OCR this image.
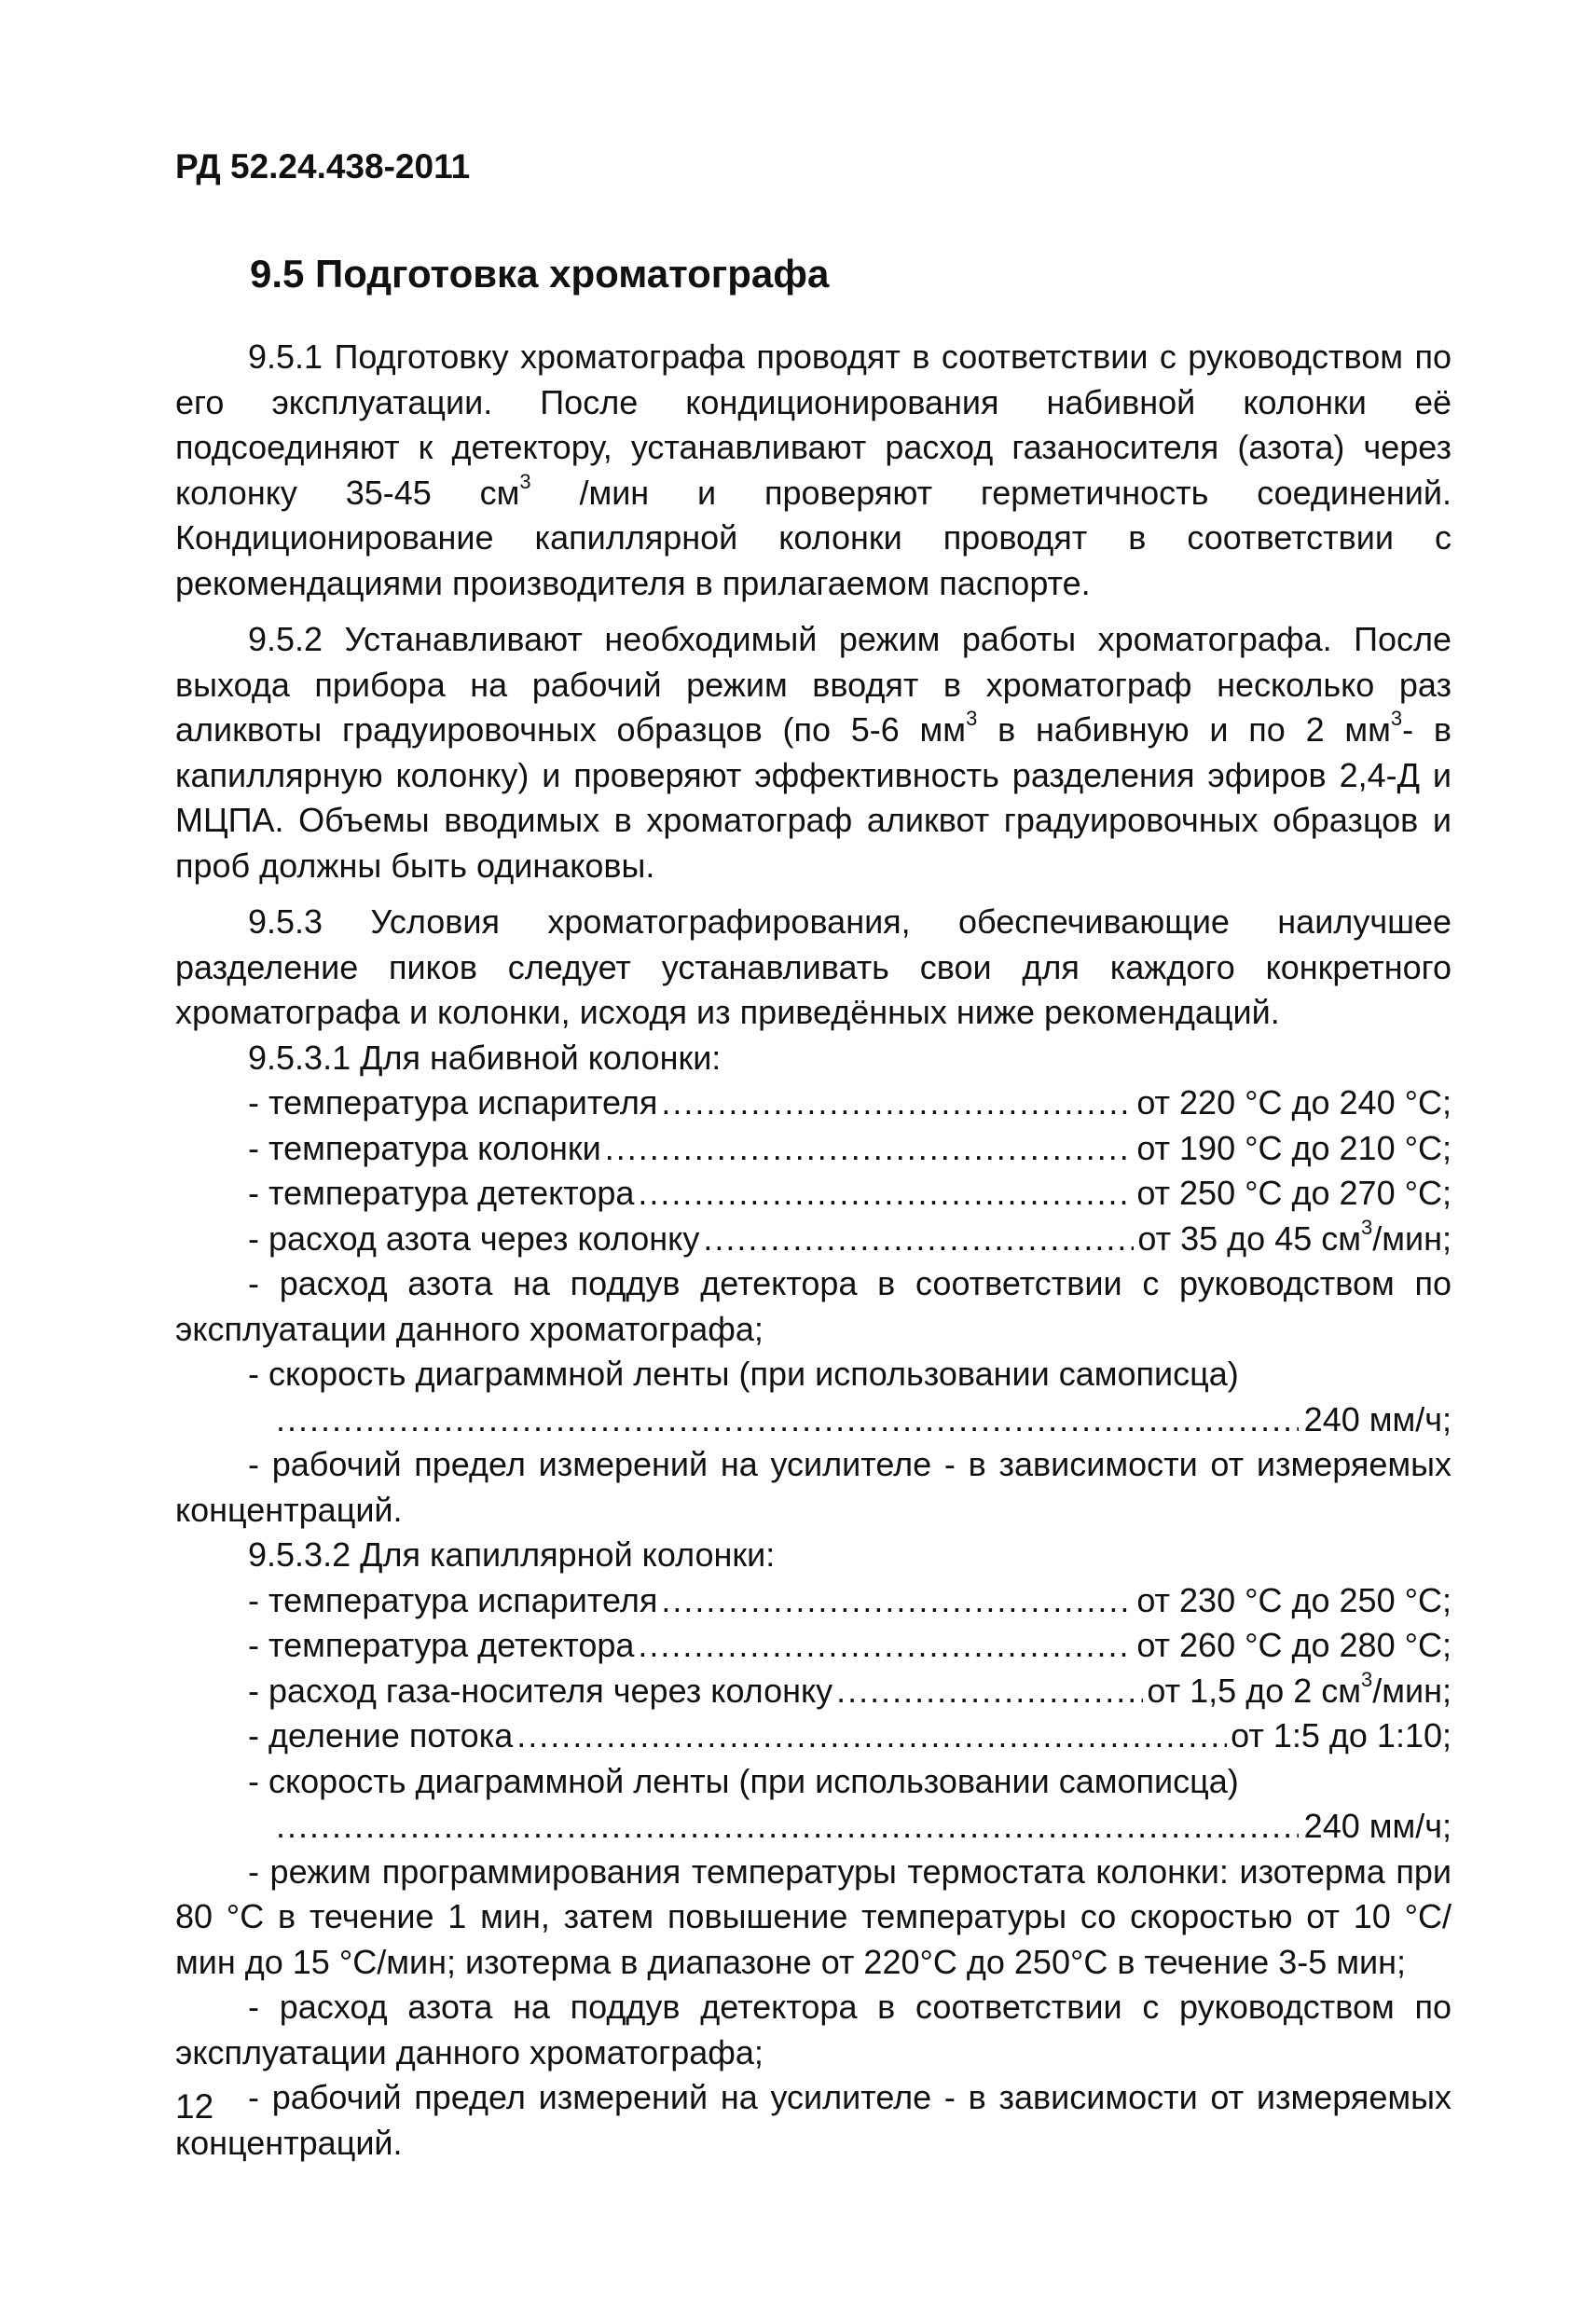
РД 52.24.438-2011
9.5 Подготовка хроматографа

9.5.1 Подготовку хроматографа проводят в соответствии с руководством по его эксплуатации. После кондиционирования набивной колонки её подсоединяют к детектору, устанавливают расход газаносителя (азота) через колонку 35-45 $см^3$ /мин и проверяют герметичность соединений. Кондиционирование капиллярной колонки проводят в соответствии с рекомендациями производителя в прилагаемом паспорте.

9.5.2 Устанавливают необходимый режим работы хроматографа. После выхода прибора на рабочий режим вводят в хроматограф несколько раз аликвоты градуировочных образцов (по 5-6 $мм^3$ в набивную и по 2 $мм^3-$ в капиллярную колонку) и проверяют эффективность разделения эфиров 2,4-Д и МЦПА. Объемы вводимых в хроматограф аликвот градуировочных образцов и проб должны быть одинаковы.

9.5.3 Условия хроматографирования, обеспечивающие наилучшее разделение пиков следует устанавливать свои для каждого конкретного хроматографа и колонки, исходя из приведённых ниже рекомендаций.

9.5.3.1 Для набивной колонки:

- температура испарителя .....	от 220 °С до 240 °С;
- температура колонки .....	от 190 °С до 210 °С;
- температура детектора .....	от 250 °С до 270 °С;
- расход азота через колонку .....	от 35 до 45 $см^3$/мин;

- расход азота на поддув детектора в соответствии с руководством по эксплуатации данного хроматографа;

- скорость диаграммной ленты (при использовании самописца)

.....
240 мм/ч;

- рабочий предел измерений на усилителе - в зависимости от измеряемых концентраций.

9.5.3.2 Для капиллярной колонки:

- температура испарителя .....	от 230 °С до 250 °С;
- температура детектора .....	от 260 °С до 280 °С;
- расход газа-носителя через колонку .....	от 1,5 до 2 $см^3$/мин;
- деление потока .....	от 1:5 до 1:10;

- скорость диаграммной ленты (при использовании самописца)

.....
240 мм/ч;

- режим программирования температуры термостата колонки: изотерма при 80 °С в течение 1 мин, затем повышение температуры со скоростью от 10 °С/мин до 15 °С/мин; изотерма в диапазоне от 220°С до 250°С в течение 3-5 мин;

- расход азота на поддув детектора в соответствии с руководством по эксплуатации данного хроматографа;

- рабочий предел измерений на усилителе - в зависимости от измеряемых концентраций.

12
